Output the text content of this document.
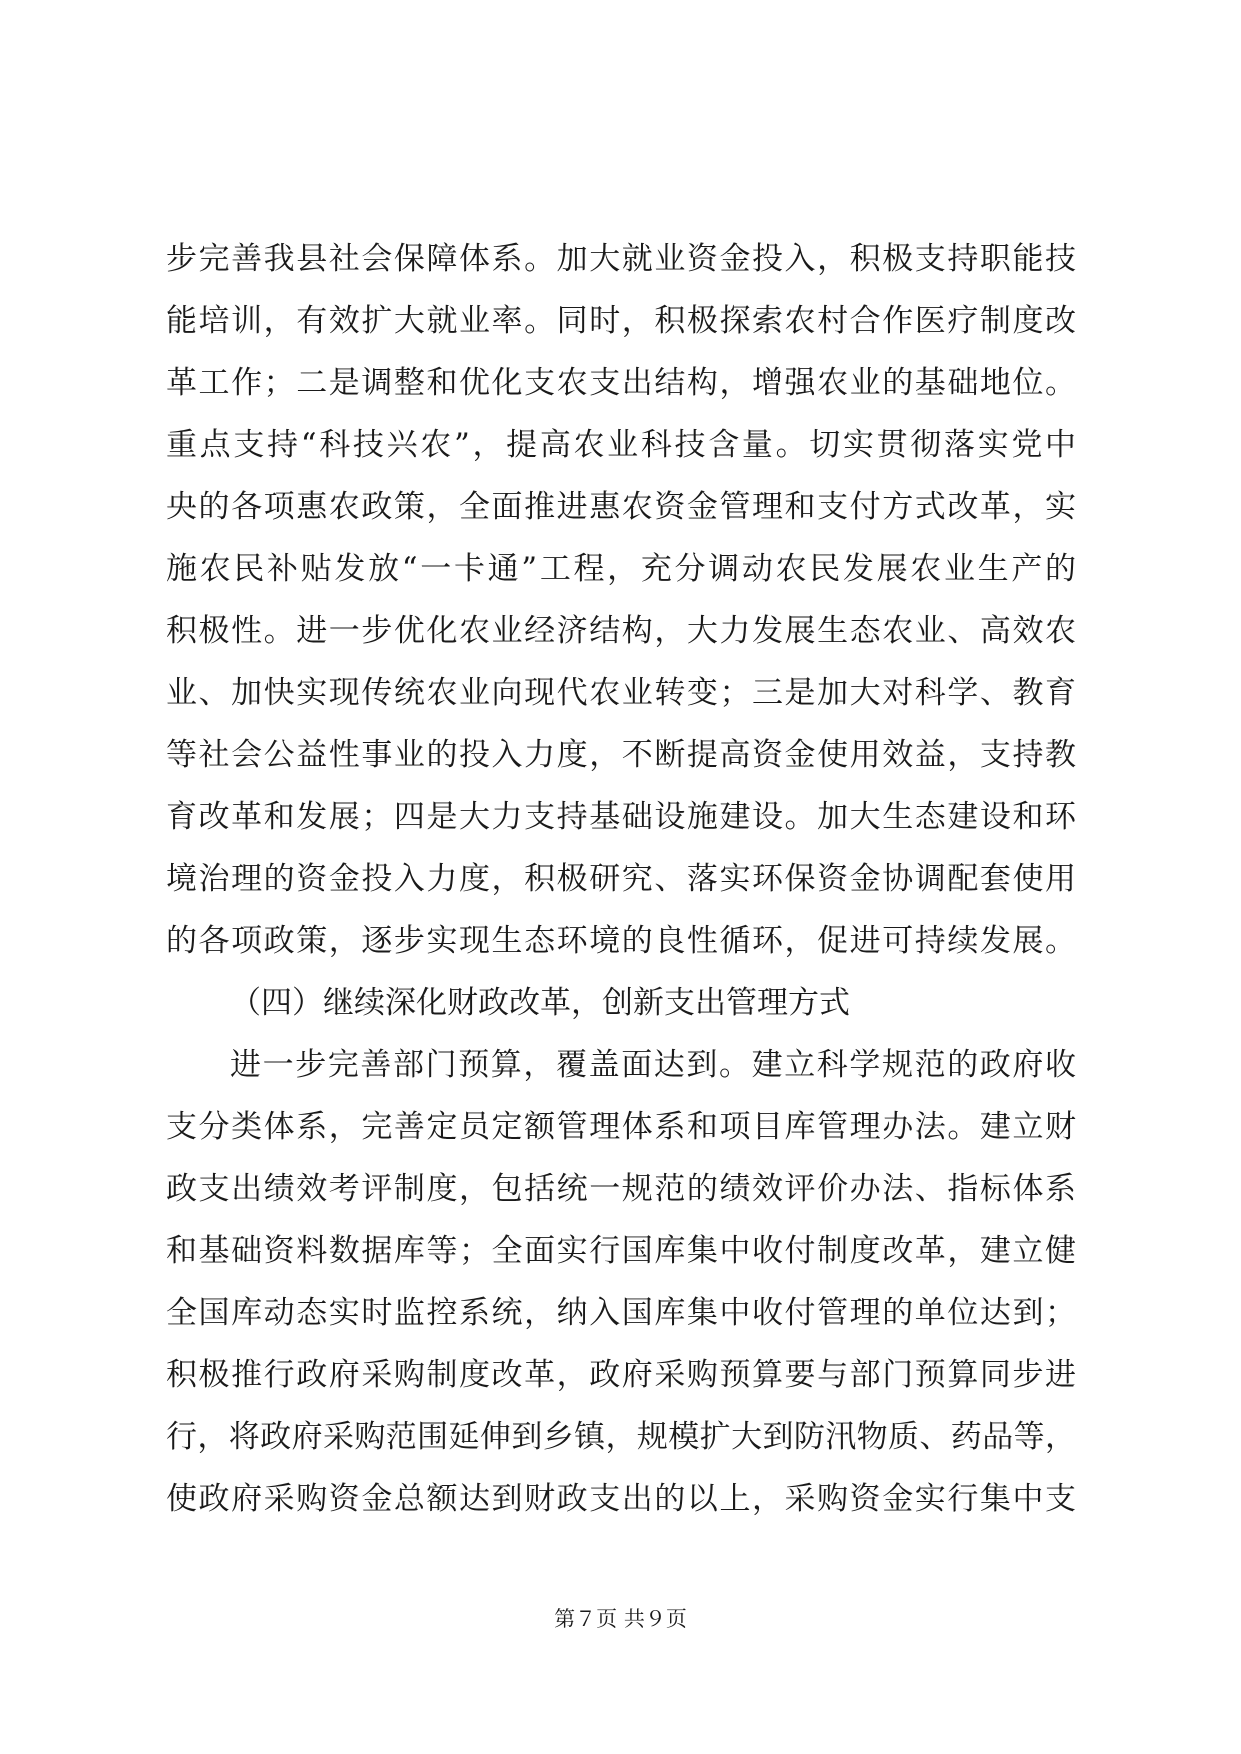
步完善我县社会保障体系。加大就业资金投入，积极支持职能技
能培训，有效扩大就业率。同时，积极探索农村合作医疗制度改
革工作；二是调整和优化支农支出结构，增强农业的基础地位。
重点支持“科技兴农”，提高农业科技含量。切实贯彻落实党中
央的各项惠农政策，全面推进惠农资金管理和支付方式改革，实
施农民补贴发放“一卡通”工程，充分调动农民发展农业生产的
积极性。进一步优化农业经济结构，大力发展生态农业、高效农
业、加快实现传统农业向现代农业转变；三是加大对科学、教育
等社会公益性事业的投入力度，不断提高资金使用效益，支持教
育改革和发展；四是大力支持基础设施建设。加大生态建设和环
境治理的资金投入力度，积极研究、落实环保资金协调配套使用
的各项政策，逐步实现生态环境的良性循环，促进可持续发展。
（四）继续深化财政改革，创新支出管理方式
进一步完善部门预算，覆盖面达到。建立科学规范的政府收
支分类体系，完善定员定额管理体系和项目库管理办法。建立财
政支出绩效考评制度，包括统一规范的绩效评价办法、指标体系
和基础资料数据库等；全面实行国库集中收付制度改革，建立健
全国库动态实时监控系统，纳入国库集中收付管理的单位达到；
积极推行政府采购制度改革，政府采购预算要与部门预算同步进
行，将政府采购范围延伸到乡镇，规模扩大到防汛物质、药品等，
使政府采购资金总额达到财政支出的以上，采购资金实行集中支
第７页 共９页
